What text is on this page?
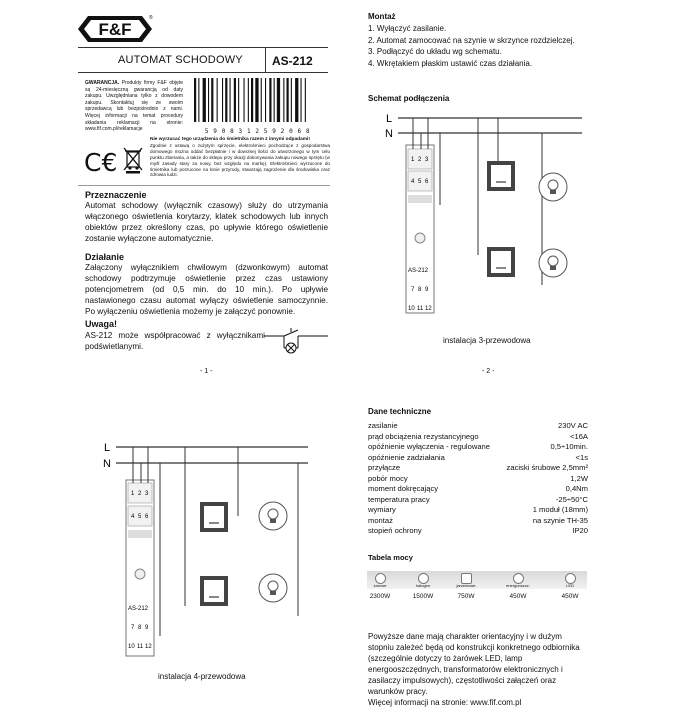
F&F
®
AUTOMAT SCHODOWY AS-212
GWARANCJA. Produkty firmy F&F objęte są 24-miesięczną gwarancją od daty zakupu. Uwzględniana tylko z dowodem zakupu. Skontaktuj się ze swoim sprzedawcą lub bezpośrednio z nami. Więcej informacji na temat procedury składania reklamacji na stronie: www.fif.com.pl/reklamacje	5 9 0 8 3 1 2 5 9 2 0 6 8
C€
Nie wyrzucać tego urządzenia do śmietnika razem z innymi odpadami!
Zgodnie z ustawą o zużytym sprzęcie, elektrośmieci pochodzące z gospodarstwa domowego można oddać bezpłatnie i w dowolnej ilości do utworzonego w tym celu punktu zbierania, a także do sklepu przy okazji dokonywania zakupu nowego sprzętu (w myśl zasady stary za nowy, bez względu na markę). Elektrośmieci wyrzucone do śmietnika lub porzucone na łonie przyrody, stwarzają zagrożenie dla środowiska oraz zdrowia ludzi.
Przeznaczenie
Automat schodowy (wyłącznik czasowy) służy do utrzymania włączonego oświetlenia korytarzy, klatek schodowych lub innych obiektów przez określony czas, po upływie którego oświetlenie zostanie wyłączone automatycznie.
Działanie
Załączony wyłącznikiem chwilowym (dzwonkowym) automat schodowy podtrzymuje oświetlenie przez czas ustawiony potencjometrem (od 0,5 min. do 10 min.). Po upływie nastawionego czasu automat wyłączy oświetlenie samoczynnie. Po wyłączeniu oświetlenia możemy je załączyć ponownie.
Uwaga!
AS-212 może współpracować z wyłącznikami podświetlanymi.
- 1 -
Montaż
1. Wyłączyć zasilanie.
2. Automat zamocować na szynie w skrzynce rozdzielczej.
3. Podłączyć do układu wg schematu.
4. Wkrętakiem płaskim ustawić czas działania.
Schemat podłączenia
L
N
1 2 3
4 5 6
AS-212
7 8 9
10 11 12
instalacja 3-przewodowa
- 2 -
L
N
1 2 3
4 5 6
AS-212
7 8 9
10 11 12
instalacja 4-przewodowa
Dane techniczne
zasilanie	230V AC
prąd obciążenia rezystancyjnego	<16A
opóźnienie wyłączenia - regulowane	0,5÷10min.
opóźnienie zadziałania	<1s
przyłącze	zaciski śrubowe 2,5mm²
pobór mocy	1,2W
moment dokręcający	0,4Nm
temperatura pracy	-25÷50°C
wymiary	1 moduł (18mm)
montaż	na szynie TH-35
stopień ochrony	IP20
Tabela mocy
żarowe
2300W
halogen
1500W
jarzeniowe
750W
energooszcz.
450W
LED
450W
Powyższe dane mają charakter orientacyjny i w dużym stopniu zależeć będą od konstrukcji konkretnego odbiornika (szczególnie dotyczy to żarówek LED, lamp energooszczędnych, transformatorów elektronicznych i zasilaczy impulsowych), częstotliwości załączeń oraz warunków pracy.
Więcej informacji na stronie: www.fif.com.pl
